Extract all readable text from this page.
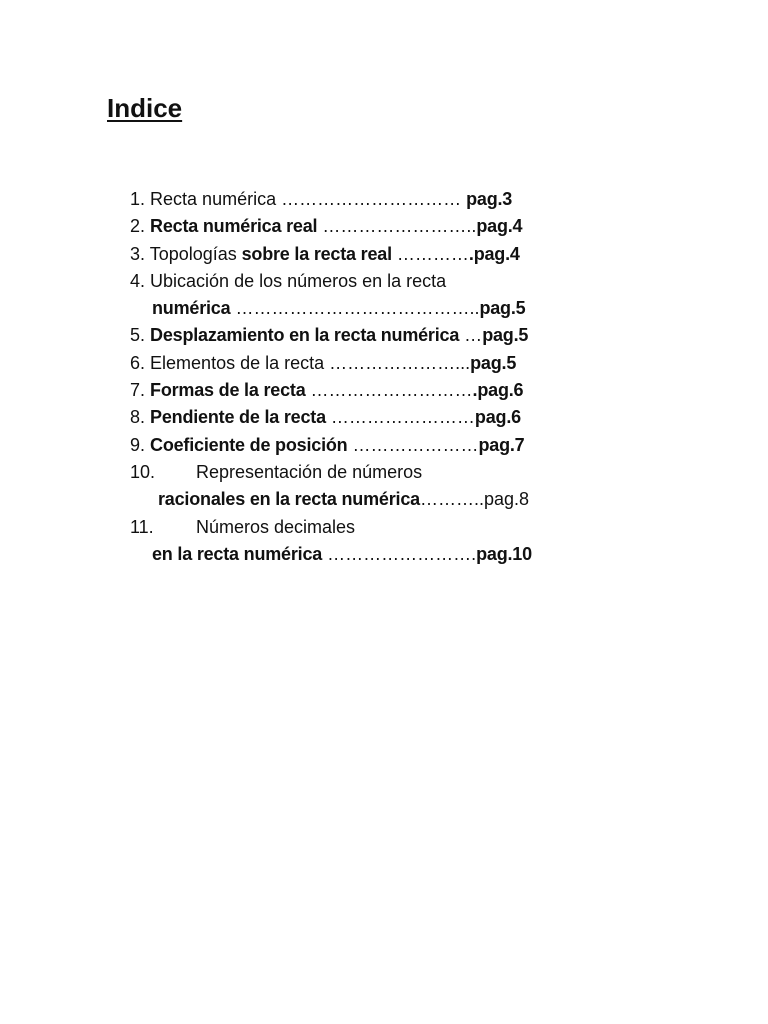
Indice
1. Recta numérica ………………………… pag.3
2. Recta numérica real ……………………..pag.4
3. Topologías sobre la recta real ………….pag.4
4. Ubicación de los números en la recta
numérica …………………………………..pag.5
5. Desplazamiento en la recta numérica …pag.5
6. Elementos de la recta …………………...pag.5
7. Formas de la recta ……………………….pag.6
8. Pendiente de la recta ……………………pag.6
9. Coeficiente de posición …………………pag.7
10. Representación de números
racionales en la recta numérica………..pag.8
11. Números decimales
en la recta numérica …………………….pag.10
